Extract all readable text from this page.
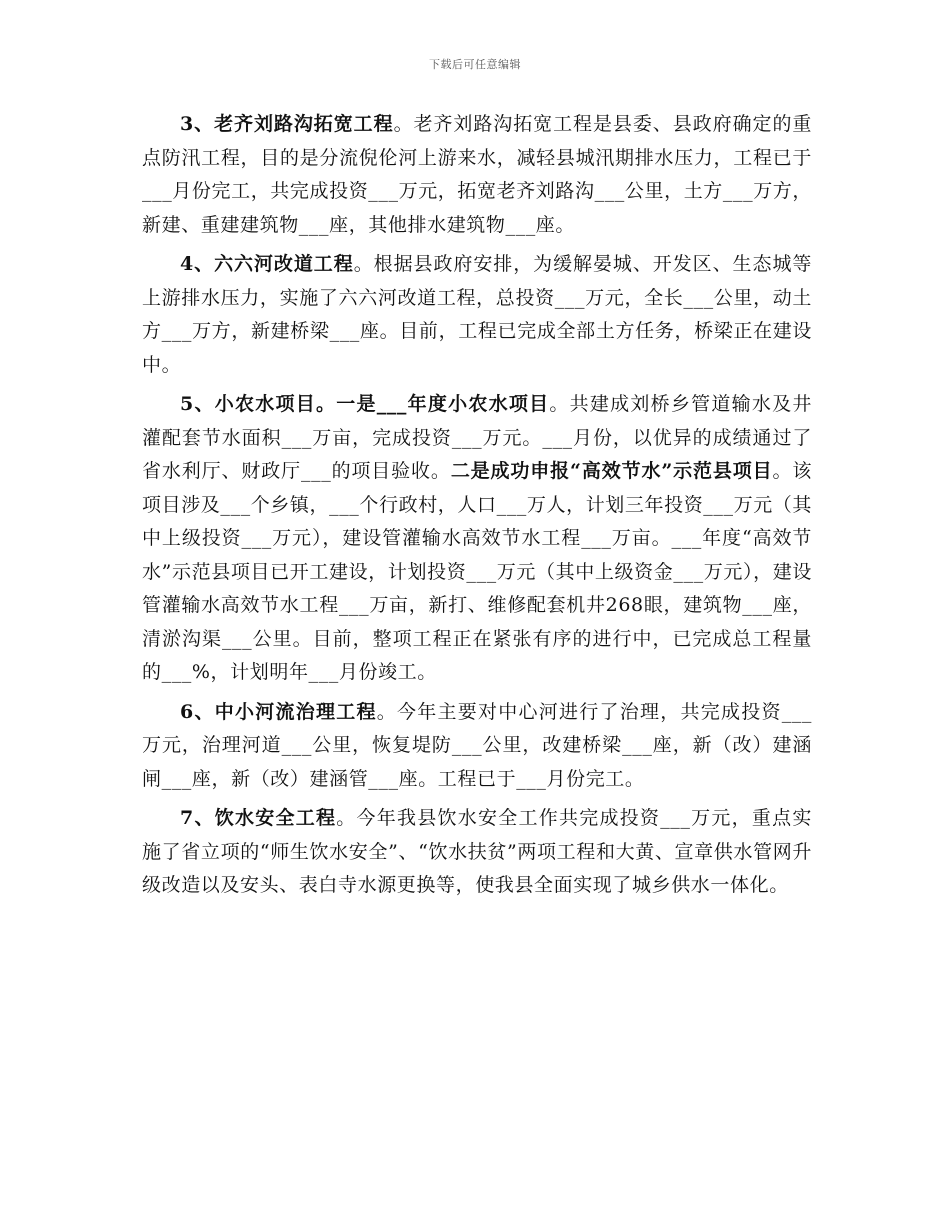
下载后可任意编辑

3、老齐刘路沟拓宽工程。老齐刘路沟拓宽工程是县委、县政府确定的重点防汛工程，目的是分流倪伦河上游来水，减轻县城汛期排水压力，工程已于___月份完工，共完成投资___万元，拓宽老齐刘路沟___公里，土方___万方，新建、重建建筑物___座，其他排水建筑物___座。

4、六六河改道工程。根据县政府安排，为缓解晏城、开发区、生态城等上游排水压力，实施了六六河改道工程，总投资___万元，全长___公里，动土方___万方，新建桥梁___座。目前，工程已完成全部土方任务，桥梁正在建设中。

5、小农水项目。一是___年度小农水项目。共建成刘桥乡管道输水及井灌配套节水面积___万亩，完成投资___万元。___月份，以优异的成绩通过了省水利厅、财政厅___的项目验收。二是成功申报“高效节水”示范县项目。该项目涉及___个乡镇，___个行政村，人口___万人，计划三年投资___万元（其中上级投资___万元），建设管灌输水高效节水工程___万亩。___年度“高效节水”示范县项目已开工建设，计划投资___万元（其中上级资金___万元），建设管灌输水高效节水工程___万亩，新打、维修配套机井268眼，建筑物___座，清淤沟渠___公里。目前，整项工程正在紧张有序的进行中，已完成总工程量的___%，计划明年___月份竣工。

6、中小河流治理工程。今年主要对中心河进行了治理，共完成投资___万元，治理河道___公里，恢复堤防___公里，改建桥梁___座，新（改）建涵闸___座，新（改）建涵管___座。工程已于___月份完工。

7、饮水安全工程。今年我县饮水安全工作共完成投资___万元，重点实施了省立项的“师生饮水安全”、“饮水扶贫”两项工程和大黄、宣章供水管网升级改造以及安头、表白寺水源更换等，使我县全面实现了城乡供水一体化。
